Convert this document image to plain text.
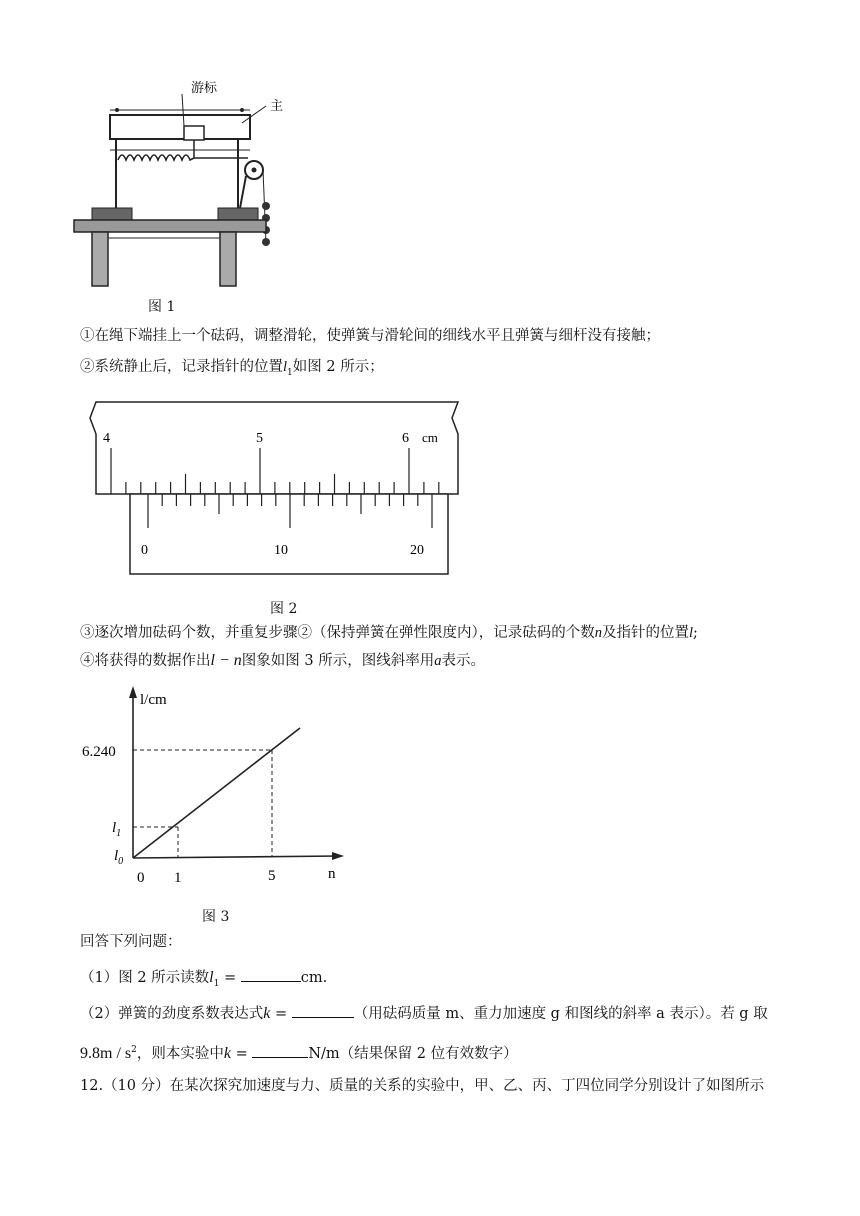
游标
主
图 1
①在绳下端挂上一个砝码，调整滑轮，使弹簧与滑轮间的细线水平且弹簧与细杆没有接触；
②系统静止后，记录指针的位置$l_1$如图 2 所示；
4	5	6 cm
0	10	20
图 2
③逐次增加砝码个数，并重复步骤②（保持弹簧在弹性限度内），记录砝码的个数n及指针的位置l;
④将获得的数据作出l − n图象如图 3 所示，图线斜率用a表示。
l/cm
6.240
$l_1$
$l_0$
0 1	5	n
图 3
回答下列问题：
（1）图 2 所示读数$l_1$ =	cm.
（2）弹簧的劲度系数表达式k =	（用砝码质量 m、重力加速度 g 和图线的斜率 a 表示）。若 g 取
$9.8m / s^2$，则本实验中k =	N/m（结果保留 2 位有效数字）
12.（10 分）在某次探究加速度与力、质量的关系的实验中，甲、乙、丙、丁四位同学分别设计了如图所示
